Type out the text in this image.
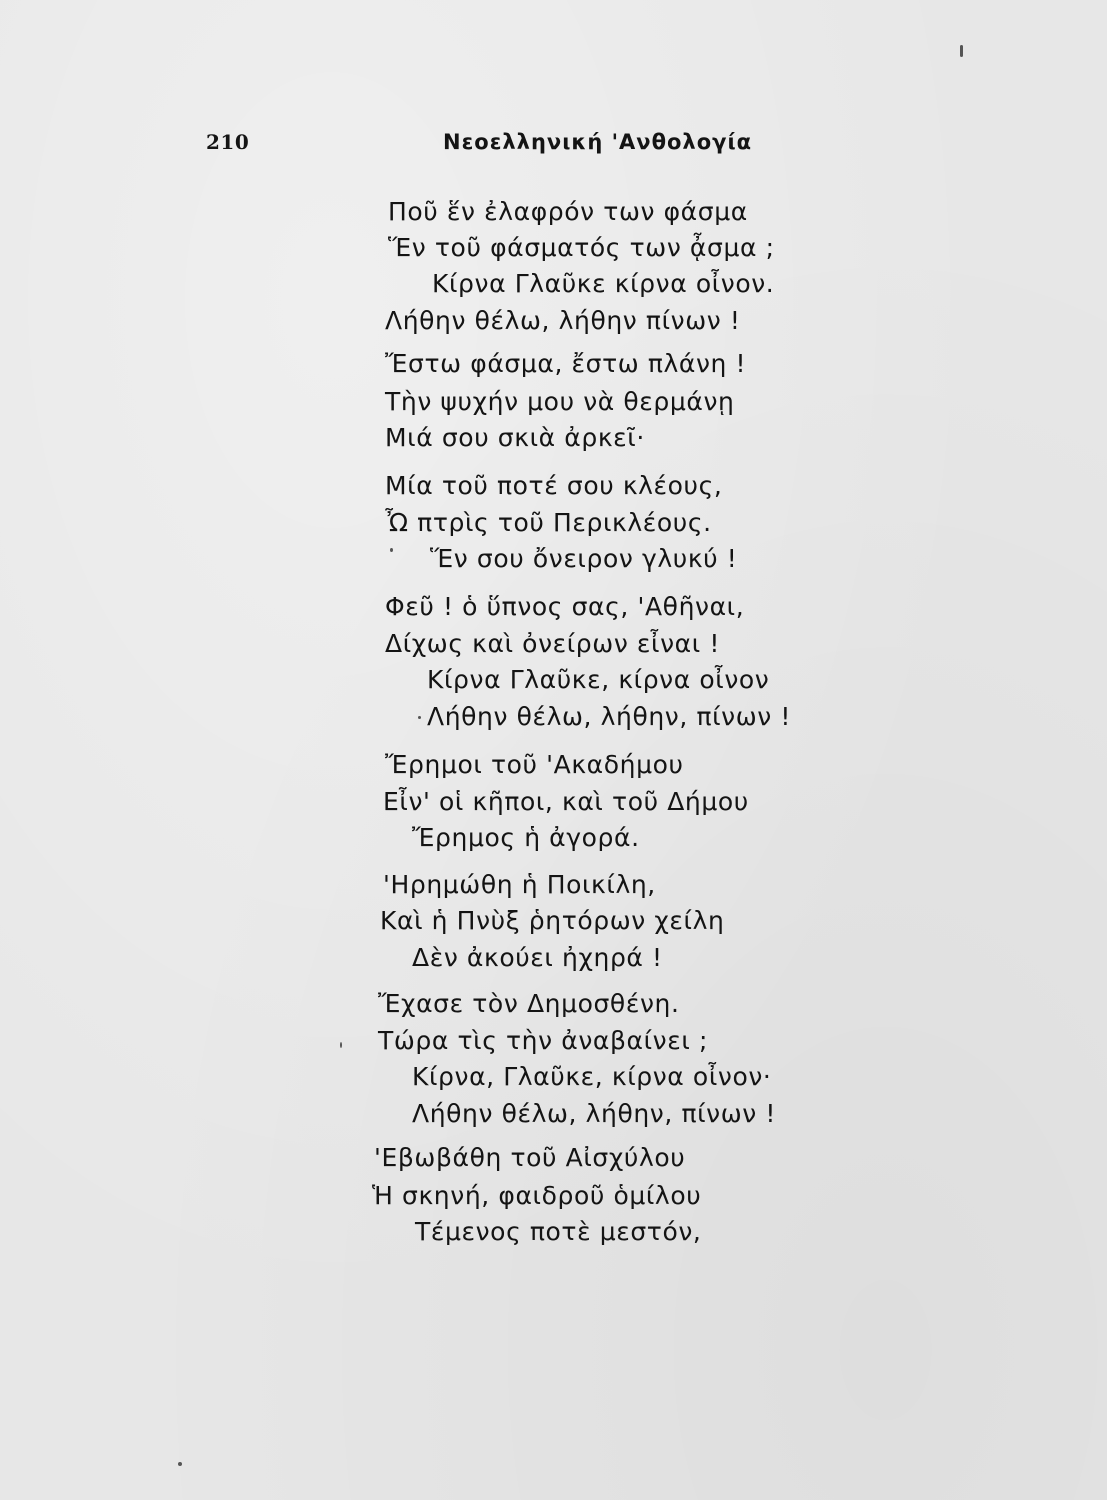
210	Νεοελληνική 'Ανθολογία
Ποῦ ἕν ἐλαφρόν των φάσμα
Ἕν τοῦ φάσματός των ᾆσμα ;
Κίρνα Γλαῦκε κίρνα οἶνον.
Λήθην θέλω, λήθην πίνων !
Ἔστω φάσμα, ἔστω πλάνη !
Τὴν ψυχήν μου νὰ θερμάνῃ
Μιά σου σκιὰ ἀρκεῖ·
Μία τοῦ ποτέ σου κλέους,
Ὦ πτρὶς τοῦ Περικλέους.
Ἕν σου ὄνειρον γλυκύ !
Φεῦ ! ὁ ὕπνος σας, 'Αθῆναι,
Δίχως καὶ ὀνείρων εἶναι !
Κίρνα Γλαῦκε, κίρνα οἶνον
Λήθην θέλω, λήθην, πίνων !
Ἔρημοι τοῦ 'Ακαδήμου
Εἶν' οἱ κῆποι, καὶ τοῦ Δήμου
Ἔρημος ἡ ἀγορά.
'Ηρημώθη ἡ Ποικίλη,
Καὶ ἡ Πνὺξ ῥητόρων χείλη
Δὲν ἀκούει ἠχηρά !
Ἔχασε τὸν Δημοσθένη.
Τώρα τὶς τὴν ἀναβαίνει ;
Κίρνα, Γλαῦκε, κίρνα οἶνον·
Λήθην θέλω, λήθην, πίνων !
'Εβωβάθη τοῦ Αἰσχύλου
Ἡ σκηνή, φαιδροῦ ὁμίλου
Τέμενος ποτὲ μεστόν,
